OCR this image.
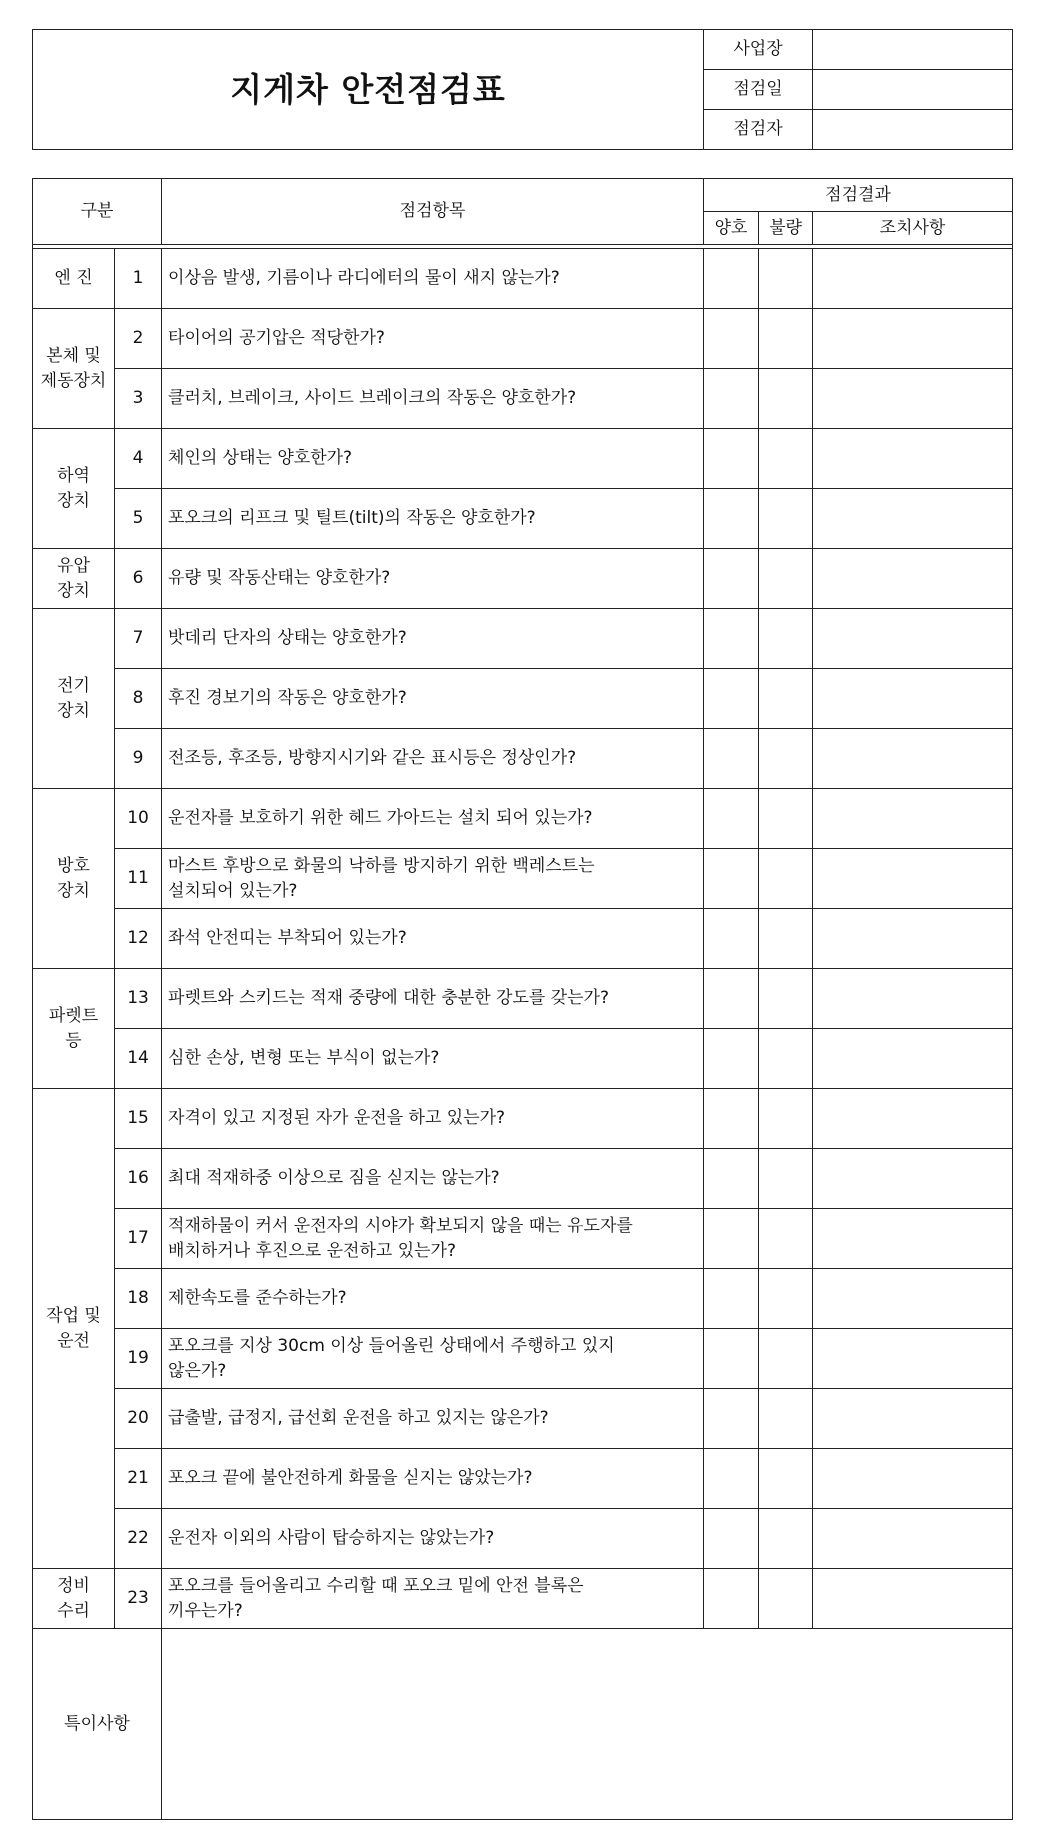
지게차 안전점검표	사업장	
	점검일	
	점검자	
구분		점검항목	점검결과		
			양호	불량	조치사항

엔 진	1	이상음 발생, 기름이나 라디에터의 물이 새지 않는가?			
본체 및
제동장치	2	타이어의 공기압은 적당한가?			
	3	클러치, 브레이크, 사이드 브레이크의 작동은 양호한가?			
하역
장치	4	체인의 상태는 양호한가?			
	5	포오크의 리프크 및 틸트(tilt)의 작동은 양호한가?			
유압
장치	6	유량 및 작동산태는 양호한가?			
전기
장치	7	밧데리 단자의 상태는 양호한가?			
	8	후진 경보기의 작동은 양호한가?			
	9	전조등, 후조등, 방향지시기와 같은 표시등은 정상인가?			
방호
장치	10	운전자를 보호하기 위한 헤드 가아드는 설치 되어 있는가?			
	11	마스트 후방으로 화물의 낙하를 방지하기 위한 백레스트는
설치되어 있는가?			
	12	좌석 안전띠는 부착되어 있는가?			
파렛트
등	13	파렛트와 스키드는 적재 중량에 대한 충분한 강도를 갖는가?			
	14	심한 손상, 변형 또는 부식이 없는가?			
작업 및
운전	15	자격이 있고 지정된 자가 운전을 하고 있는가?			
	16	최대 적재하중 이상으로 짐을 싣지는 않는가?			
	17	적재하물이 커서 운전자의 시야가 확보되지 않을 때는 유도자를
배치하거나 후진으로 운전하고 있는가?			
	18	제한속도를 준수하는가?			
	19	포오크를 지상 30cm 이상 들어올린 상태에서 주행하고 있지
않은가?			
	20	급출발, 급정지, 급선회 운전을 하고 있지는 않은가?			
	21	포오크 끝에 불안전하게 화물을 싣지는 않았는가?			
	22	운전자 이외의 사람이 탑승하지는 않았는가?			
정비
수리	23	포오크를 들어올리고 수리할 때 포오크 밑에 안전 블록은
끼우는가?			
특이사항					
